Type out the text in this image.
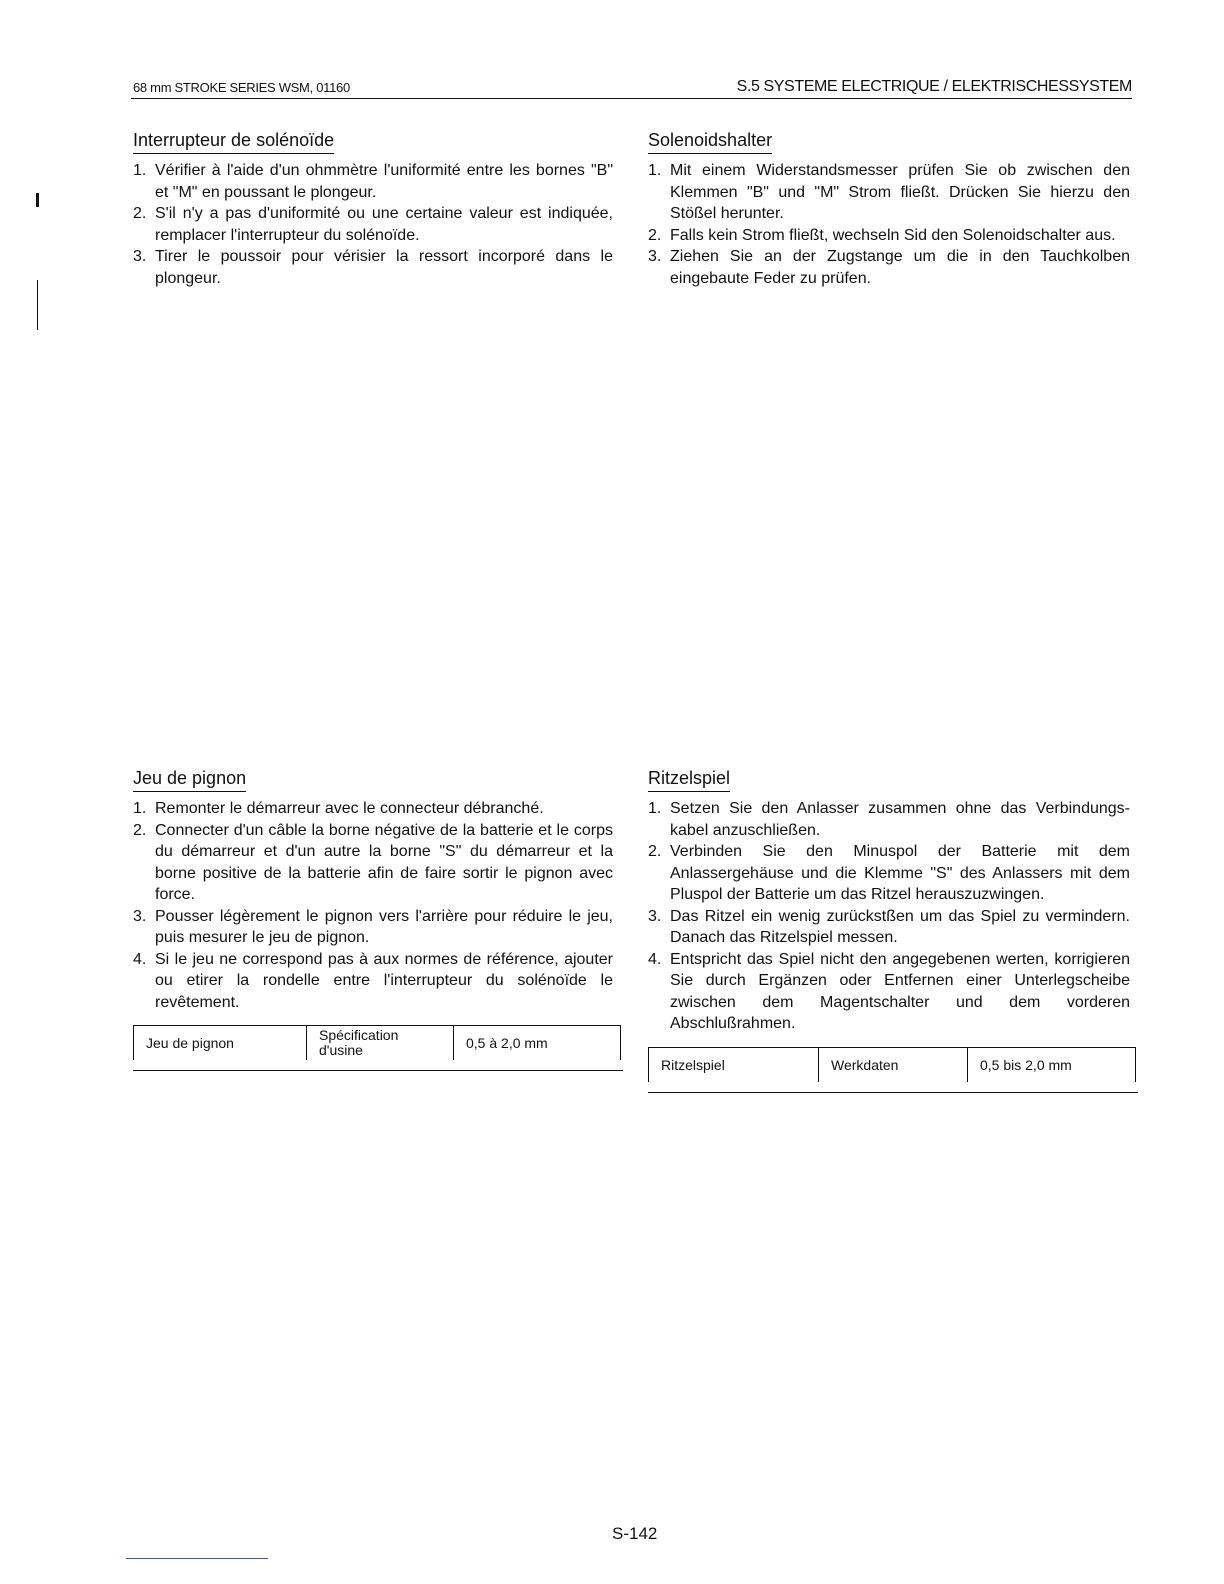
68 mm STROKE SERIES WSM, 01160	S.5 SYSTEME ELECTRIQUE / ELEKTRISCHESSYSTEM
Interrupteur de solénoïde
1. Vérifier à l'aide d'un ohmmètre l'uniformité entre les bornes "B" et "M" en poussant le plongeur.
2. S'il n'y a pas d'uniformité ou une certaine valeur est indiquée, remplacer l'interrupteur du solénoïde.
3. Tirer le poussoir pour vérisier la ressort incorporé dans le plongeur.
Solenoidshalter
1. Mit einem Widerstandsmesser prüfen Sie ob zwischen den Klemmen "B" und "M" Strom fließt. Drücken Sie hierzu den Stößel herunter.
2. Falls kein Strom fließt, wechseln Sid den Solenoidschalter aus.
3. Ziehen Sie an der Zugstange um die in den Tauchkolben eingebaute Feder zu prüfen.
Jeu de pignon
1. Remonter le démarreur avec le connecteur débranché.
2. Connecter d'un câble la borne négative de la batterie et le corps du démarreur et d'un autre la borne "S" du démarreur et la borne positive de la batterie afin de faire sortir le pignon avec force.
3. Pousser légèrement le pignon vers l'arrière pour réduire le jeu, puis mesurer le jeu de pignon.
4. Si le jeu ne correspond pas à aux normes de référence, ajouter ou etirer la rondelle entre l'interrupteur du solénoïde le revêtement.
Jeu de pignon	Spécification d'usine	0,5 à 2,0 mm
Ritzelspiel
1. Setzen Sie den Anlasser zusammen ohne das Verbindungs-kabel anzuschließen.
2. Verbinden Sie den Minuspol der Batterie mit dem Anlassergehäuse und die Klemme "S" des Anlassers mit dem Pluspol der Batterie um das Ritzel herauszuzwingen.
3. Das Ritzel ein wenig zurückstßen um das Spiel zu vermindern. Danach das Ritzelspiel messen.
4. Entspricht das Spiel nicht den angegebenen werten, korrigieren Sie durch Ergänzen oder Entfernen einer Unterlegscheibe zwischen dem Magentschalter und dem vorderen Abschlußrahmen.
Ritzelspiel	Werkdaten	0,5 bis 2,0 mm
S-142
